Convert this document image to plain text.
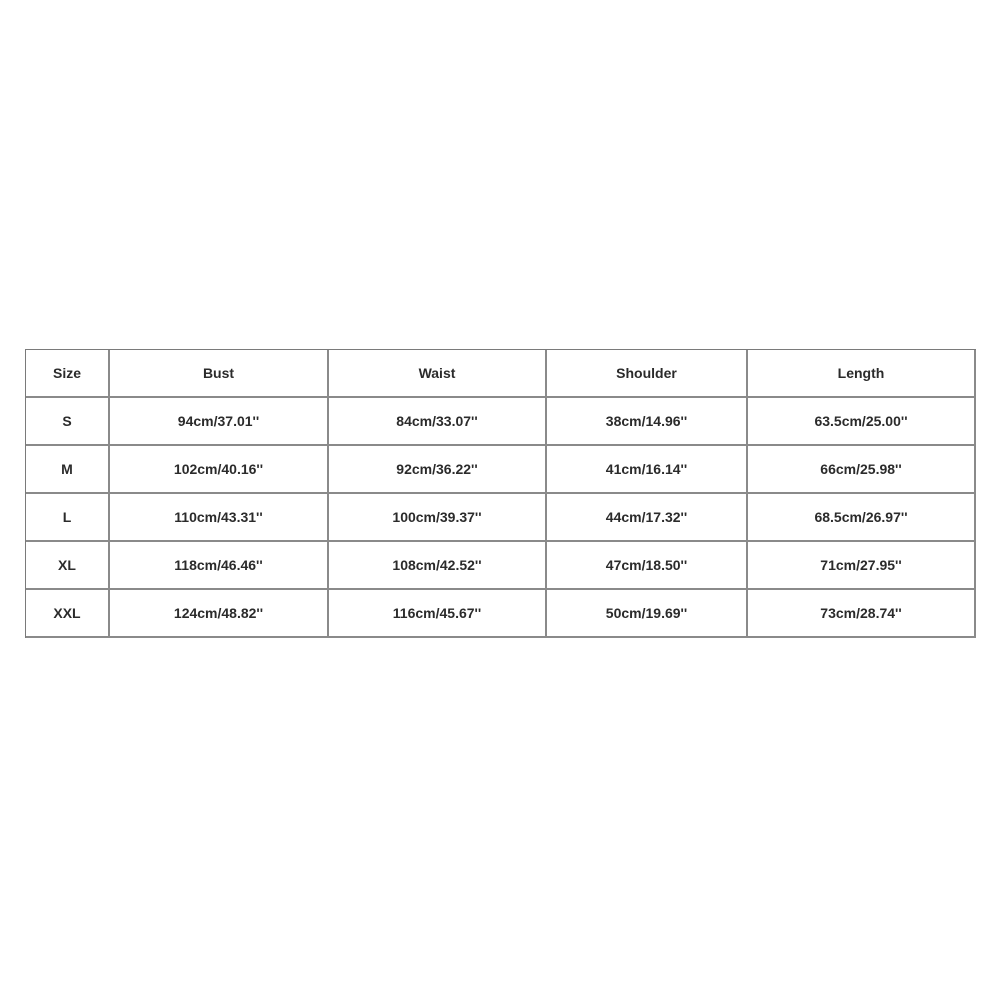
Size	Bust	Waist	Shoulder	Length
S	94cm/37.01''	84cm/33.07''	38cm/14.96''	63.5cm/25.00''
M	102cm/40.16''	92cm/36.22''	41cm/16.14''	66cm/25.98''
L	110cm/43.31''	100cm/39.37''	44cm/17.32''	68.5cm/26.97''
XL	118cm/46.46''	108cm/42.52''	47cm/18.50''	71cm/27.95''
XXL	124cm/48.82''	116cm/45.67''	50cm/19.69''	73cm/28.74''
